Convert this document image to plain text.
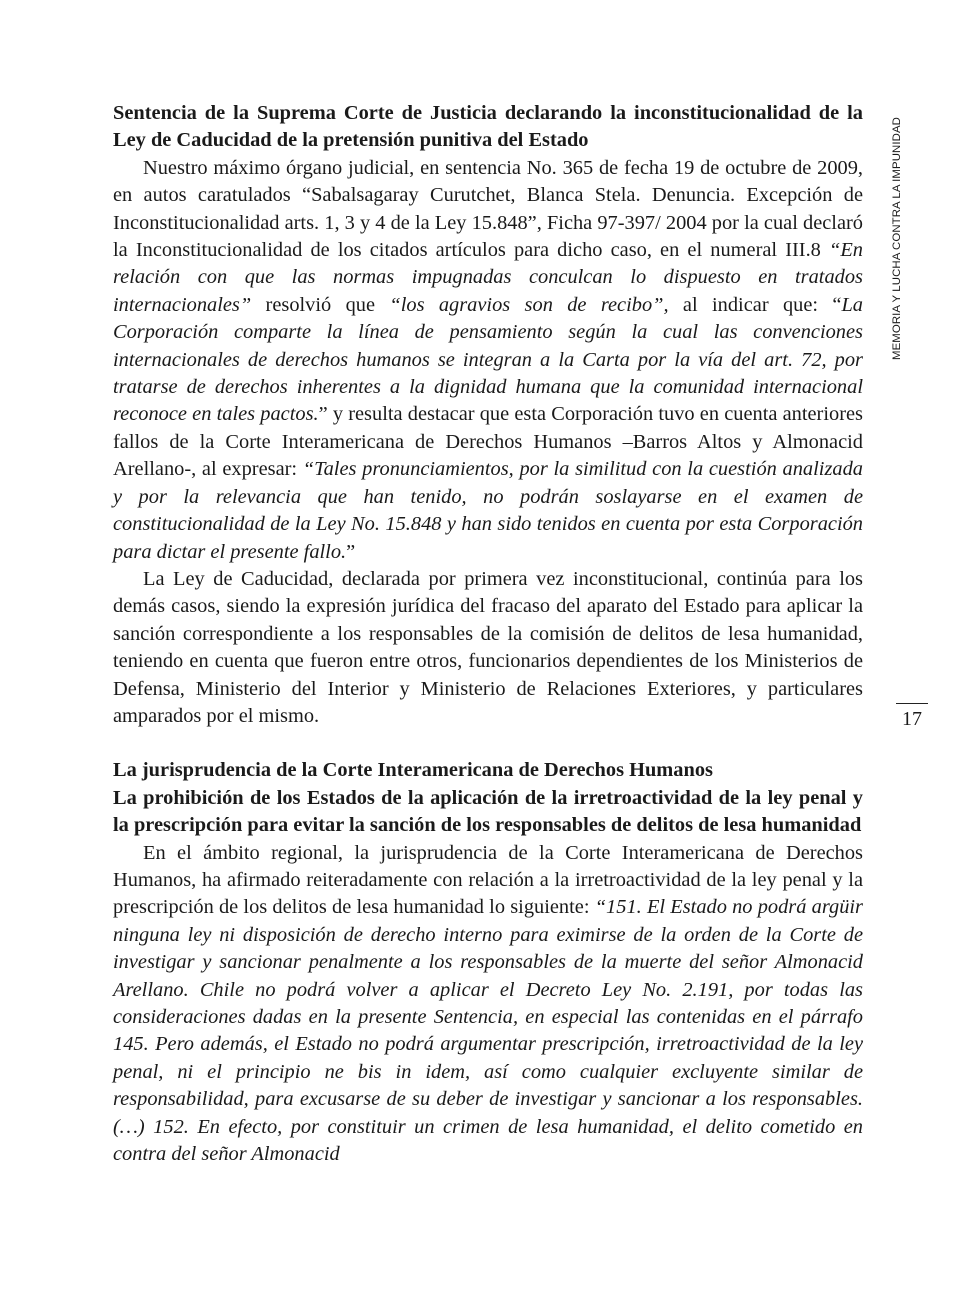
Sentencia de la Suprema Corte de Justicia declarando la inconstitucionalidad de la Ley de Caducidad de la pretensión punitiva del Estado

Nuestro máximo órgano judicial, en sentencia No. 365 de fecha 19 de octubre de 2009, en autos caratulados “Sabalsagaray Curutchet, Blanca Stela. Denuncia. Excepción de Inconstitucionalidad arts. 1, 3 y 4 de la Ley 15.848”, Ficha 97-397/ 2004 por la cual declaró la Inconstitucionalidad de los citados artículos para dicho caso, en el numeral III.8 “En relación con que las normas impugnadas conculcan lo dispuesto en tratados internacionales” resolvió que “los agravios son de recibo”, al indicar que: “La Corporación comparte la línea de pensamiento según la cual las convenciones internacionales de derechos humanos se integran a la Carta por la vía del art. 72, por tratarse de derechos inherentes a la dignidad humana que la comunidad internacional reconoce en tales pactos.” y resulta destacar que esta Corporación tuvo en cuenta anteriores fallos de la Corte Interamericana de Derechos Humanos –Barros Altos y Almonacid Arellano-, al expresar: “Tales pronunciamientos, por la similitud con la cuestión analizada y por la relevancia que han tenido, no podrán soslayarse en el examen de constitucionalidad de la Ley No. 15.848 y han sido tenidos en cuenta por esta Corporación para dictar el presente fallo.”

La Ley de Caducidad, declarada por primera vez inconstitucional, continúa para los demás casos, siendo la expresión jurídica del fracaso del aparato del Estado para aplicar la sanción correspondiente a los responsables de la comisión de delitos de lesa humanidad, teniendo en cuenta que fueron entre otros, funcionarios dependientes de los Ministerios de Defensa, Ministerio del Interior y Ministerio de Relaciones Exteriores, y particulares amparados por el mismo.

La jurisprudencia de la Corte Interamericana de Derechos Humanos
La prohibición de los Estados de la aplicación de la irretroactividad de la ley penal y la prescripción para evitar la sanción de los responsables de delitos de lesa humanidad

En el ámbito regional, la jurisprudencia de la Corte Interamericana de Derechos Humanos, ha afirmado reiteradamente con relación a la irretroactividad de la ley penal y la prescripción de los delitos de lesa humanidad lo siguiente: “151. El Estado no podrá argüir ninguna ley ni disposición de derecho interno para eximirse de la orden de la Corte de investigar y sancionar penalmente a los responsables de la muerte del señor Almonacid Arellano. Chile no podrá volver a aplicar el Decreto Ley No. 2.191, por todas las consideraciones dadas en la presente Sentencia, en especial las contenidas en el párrafo 145. Pero además, el Estado no podrá argumentar prescripción, irretroactividad de la ley penal, ni el principio ne bis in idem, así como cualquier excluyente similar de responsabilidad, para excusarse de su deber de investigar y sancionar a los responsables. (…) 152. En efecto, por constituir un crimen de lesa humanidad, el delito cometido en contra del señor Almonacid

MEMORIA Y LUCHA CONTRA LA IMPUNIDAD
17
